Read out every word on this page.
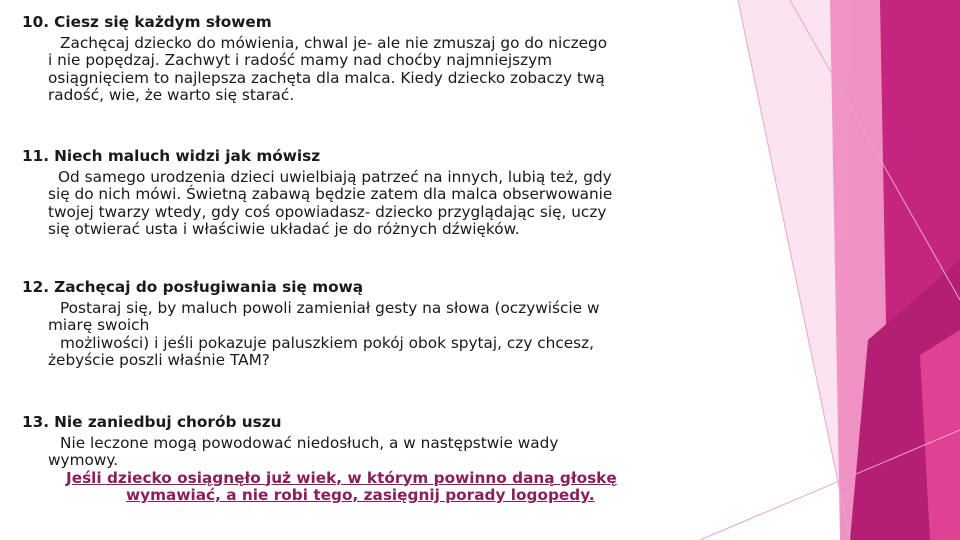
10. Ciesz się każdym słowem

Zachęcaj dziecko do mówienia, chwal je- ale nie zmuszaj go do niczego
i nie popędzaj. Zachwyt i radość mamy nad choćby najmniejszym
osiągnięciem to najlepsza zachęta dla malca. Kiedy dziecko zobaczy twą
radość, wie, że warto się starać.

11. Niech maluch widzi jak mówisz

Od samego urodzenia dzieci uwielbiają patrzeć na innych, lubią też, gdy
się do nich mówi. Świetną zabawą będzie zatem dla malca obserwowanie
twojej twarzy wtedy, gdy coś opowiadasz- dziecko przyglądając się, uczy
się otwierać usta i właściwie układać je do różnych dźwięków.

12. Zachęcaj do posługiwania się mową

Postaraj się, by maluch powoli zamieniał gesty na słowa (oczywiście w
miarę swoich
możliwości) i jeśli pokazuje paluszkiem pokój obok spytaj, czy chcesz,
żebyście poszli właśnie TAM?

13. Nie zaniedbuj chorób uszu

Nie leczone mogą powodować niedosłuch, a w następstwie wady
wymowy.
Jeśli dziecko osiągnęło już wiek, w którym powinno daną głoskę
wymawiać, a nie robi tego, zasięgnij porady logopedy.
